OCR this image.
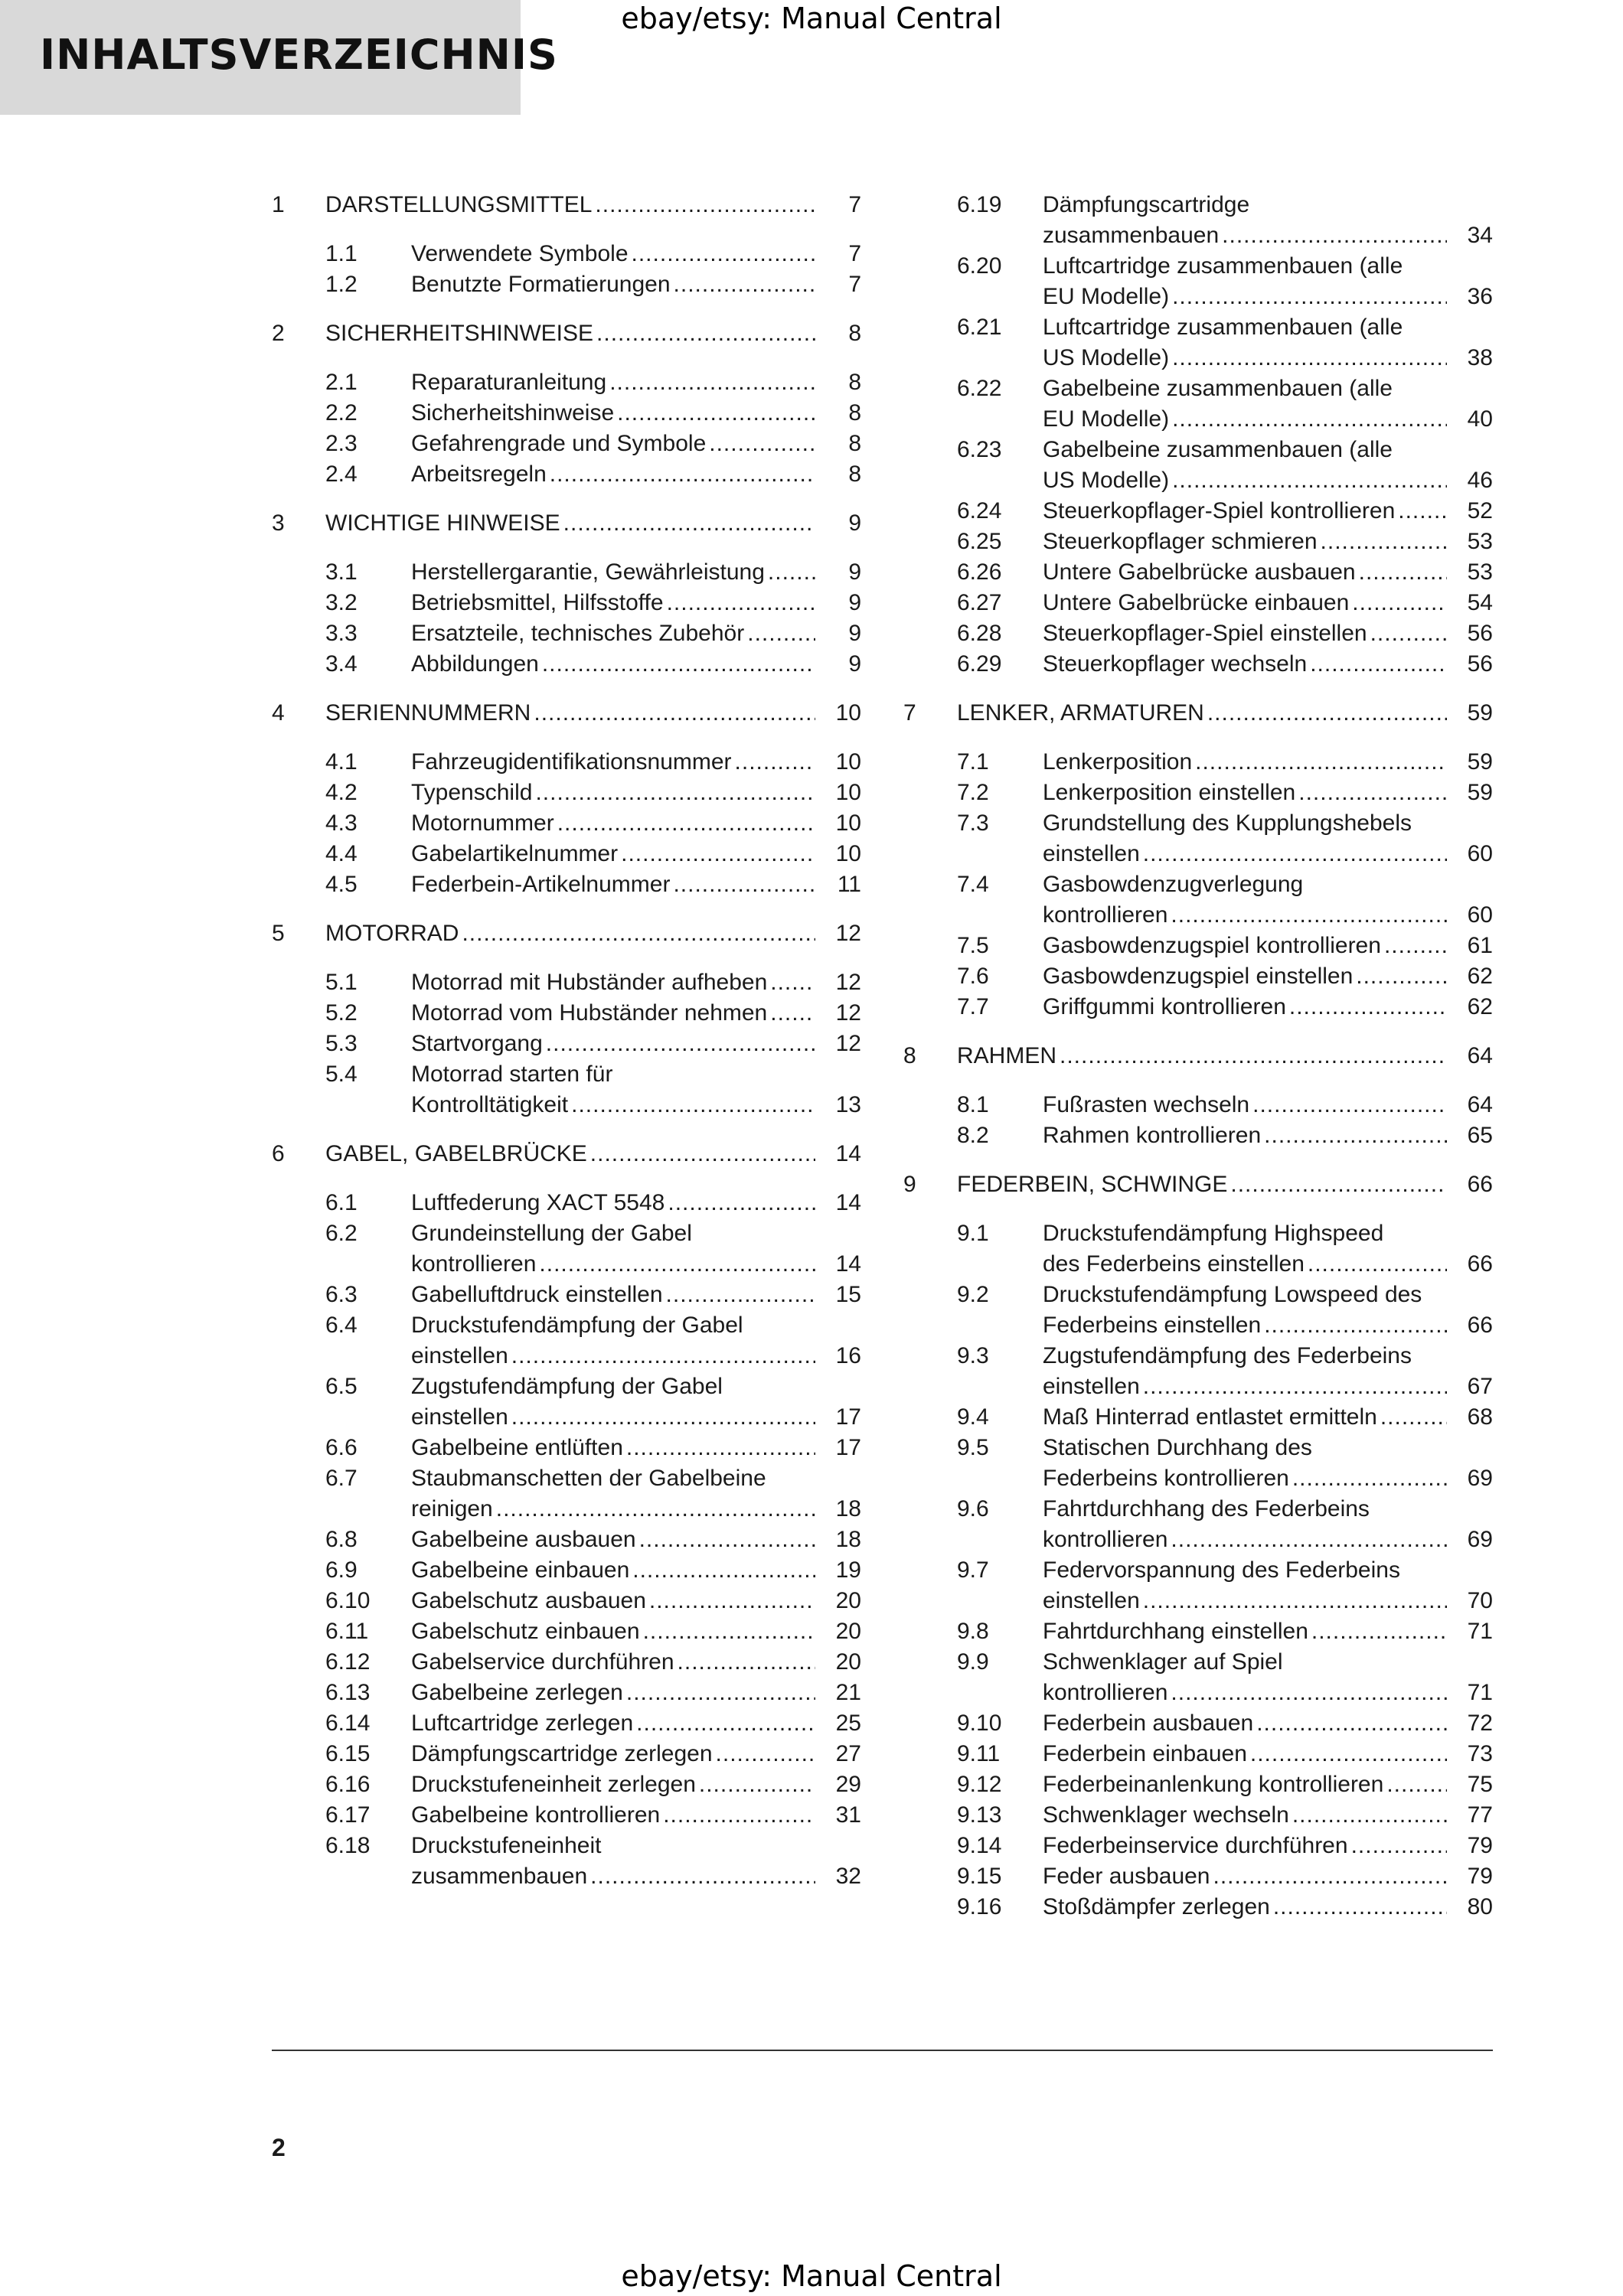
ebay/etsy: Manual Central
INHALTSVERZEICHNIS
1 DARSTELLUNGSMITTEL .....	7
1.1 Verwendete Symbole .....	7
1.2 Benutzte Formatierungen .....	7
2 SICHERHEITSHINWEISE .....	8
2.1 Reparaturanleitung .....	8
2.2 Sicherheitshinweise .....	8
2.3 Gefahrengrade und Symbole .....	8
2.4 Arbeitsregeln .....	8
3 WICHTIGE HINWEISE .....	9
3.1 Herstellergarantie, Gewährleistung .....	9
3.2 Betriebsmittel, Hilfsstoffe .....	9
3.3 Ersatzteile, technisches Zubehör .....	9
3.4 Abbildungen .....	9
4 SERIENNUMMERN .....	10
4.1 Fahrzeugidentifikationsnummer .....	10
4.2 Typenschild .....	10
4.3 Motornummer .....	10
4.4 Gabelartikelnummer .....	10
4.5 Federbein-Artikelnummer .....	11
5 MOTORRAD .....	12
5.1 Motorrad mit Hubständer aufheben .....	12
5.2 Motorrad vom Hubständer nehmen .....	12
5.3 Startvorgang .....	12
5.4 Motorrad starten für
Kontrolltätigkeit .....	13
6 GABEL, GABELBRÜCKE .....	14
6.1 Luftfederung XACT 5548 .....	14
6.2 Grundeinstellung der Gabel
kontrollieren .....	14
6.3 Gabelluftdruck einstellen .....	15
6.4 Druckstufendämpfung der Gabel
einstellen .....	16
6.5 Zugstufendämpfung der Gabel
einstellen .....	17
6.6 Gabelbeine entlüften .....	17
6.7 Staubmanschetten der Gabelbeine
reinigen .....	18
6.8 Gabelbeine ausbauen .....	18
6.9 Gabelbeine einbauen .....	19
6.10 Gabelschutz ausbauen .....	20
6.11 Gabelschutz einbauen .....	20
6.12 Gabelservice durchführen .....	20
6.13 Gabelbeine zerlegen .....	21
6.14 Luftcartridge zerlegen .....	25
6.15 Dämpfungscartridge zerlegen .....	27
6.16 Druckstufeneinheit zerlegen .....	29
6.17 Gabelbeine kontrollieren .....	31
6.18 Druckstufeneinheit
zusammenbauen .....	32
6.19 Dämpfungscartridge
zusammenbauen .....	34
6.20 Luftcartridge zusammenbauen (alle
EU Modelle) .....	36
6.21 Luftcartridge zusammenbauen (alle
US Modelle) .....	38
6.22 Gabelbeine zusammenbauen (alle
EU Modelle) .....	40
6.23 Gabelbeine zusammenbauen (alle
US Modelle) .....	46
6.24 Steuerkopflager-Spiel kontrollieren .....	52
6.25 Steuerkopflager schmieren .....	53
6.26 Untere Gabelbrücke ausbauen .....	53
6.27 Untere Gabelbrücke einbauen .....	54
6.28 Steuerkopflager-Spiel einstellen .....	56
6.29 Steuerkopflager wechseln .....	56
7 LENKER, ARMATUREN .....	59
7.1 Lenkerposition .....	59
7.2 Lenkerposition einstellen .....	59
7.3 Grundstellung des Kupplungshebels
einstellen .....	60
7.4 Gasbowdenzugverlegung
kontrollieren .....	60
7.5 Gasbowdenzugspiel kontrollieren .....	61
7.6 Gasbowdenzugspiel einstellen .....	62
7.7 Griffgummi kontrollieren .....	62
8 RAHMEN .....	64
8.1 Fußrasten wechseln .....	64
8.2 Rahmen kontrollieren .....	65
9 FEDERBEIN, SCHWINGE .....	66
9.1 Druckstufendämpfung Highspeed
des Federbeins einstellen .....	66
9.2 Druckstufendämpfung Lowspeed des
Federbeins einstellen .....	66
9.3 Zugstufendämpfung des Federbeins
einstellen .....	67
9.4 Maß Hinterrad entlastet ermitteln .....	68
9.5 Statischen Durchhang des
Federbeins kontrollieren .....	69
9.6 Fahrtdurchhang des Federbeins
kontrollieren .....	69
9.7 Federvorspannung des Federbeins
einstellen .....	70
9.8 Fahrtdurchhang einstellen .....	71
9.9 Schwenklager auf Spiel
kontrollieren .....	71
9.10 Federbein ausbauen .....	72
9.11 Federbein einbauen .....	73
9.12 Federbeinanlenkung kontrollieren .....	75
9.13 Schwenklager wechseln .....	77
9.14 Federbeinservice durchführen .....	79
9.15 Feder ausbauen .....	79
9.16 Stoßdämpfer zerlegen .....	80
2
ebay/etsy: Manual Central
